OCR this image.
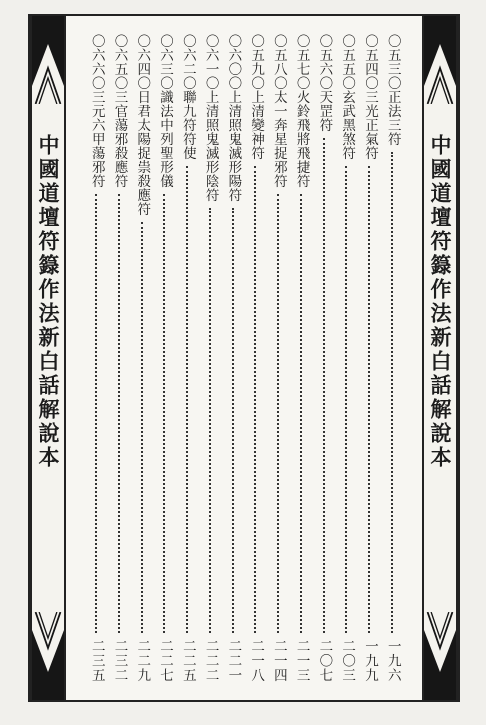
中國道壇符籙作法新白話解說本
〇五三〇正法三符
一九六
〇五四〇三光正氣符
一九九
〇五五〇玄武黑煞符
二〇三
〇五六〇天罡符
二〇七
〇五七〇火鈴飛將飛捷符
二一三
〇五八〇太一奔星捉邪符
二一四
〇五九〇上清變神符
二一八
〇六〇〇上清照鬼滅形陽符
二二一
〇六一〇上清照鬼滅形陰符
二二二
〇六二〇聯九符符使
二二五
〇六三〇識法中列聖形儀
二二七
〇六四〇日君太陽捉祟殺應符
二二九
〇六五〇三官蕩邪殺應符
二三二
〇六六〇三元六甲蕩邪符
二三五
中國道壇符籙作法新白話解說本
